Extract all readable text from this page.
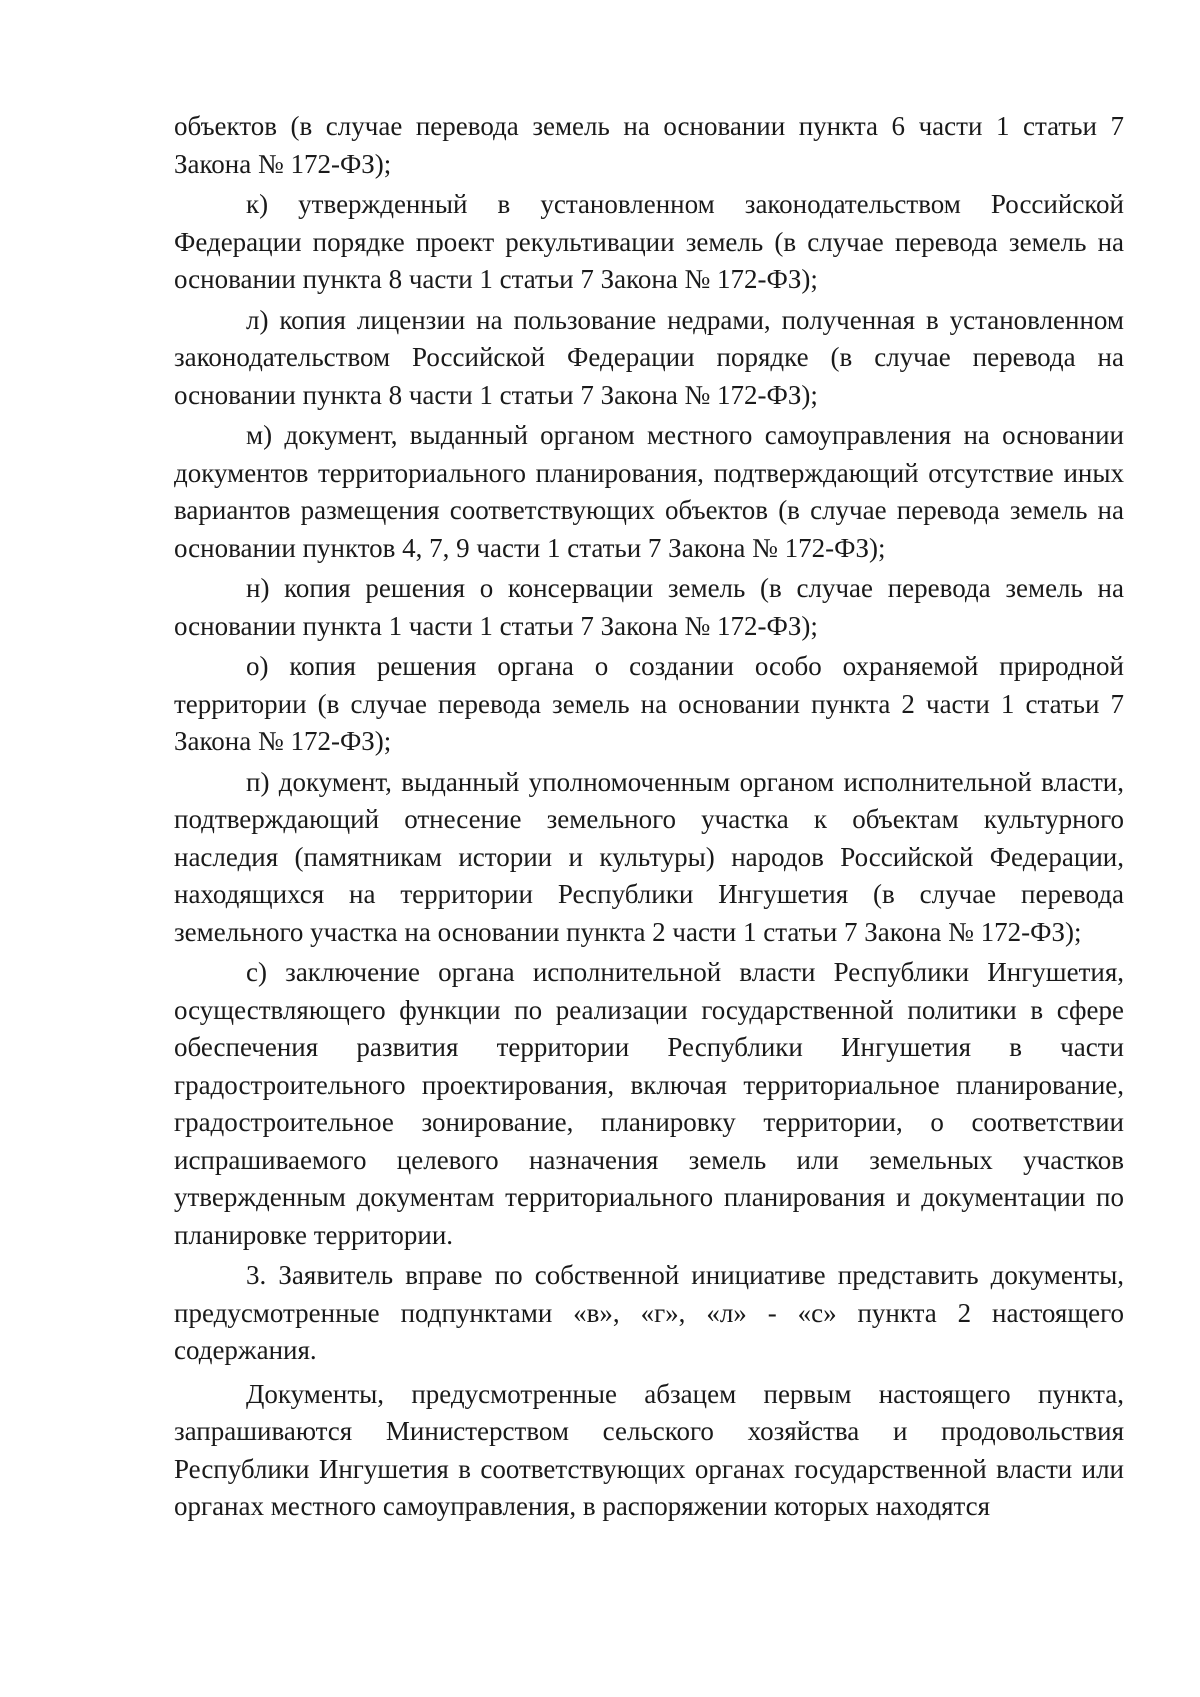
объектов (в случае перевода земель на основании пункта 6 части 1 статьи 7 Закона № 172-ФЗ);

к) утвержденный в установленном законодательством Российской Федерации порядке проект рекультивации земель (в случае перевода земель на основании пункта 8 части 1 статьи 7 Закона № 172-ФЗ);

л) копия лицензии на пользование недрами, полученная в установленном законодательством Российской Федерации порядке (в случае перевода на основании пункта 8 части 1 статьи 7 Закона № 172-ФЗ);

м) документ, выданный органом местного самоуправления на основании документов территориального планирования, подтверждающий отсутствие иных вариантов размещения соответствующих объектов (в случае перевода земель на основании пунктов 4, 7, 9 части 1 статьи 7 Закона № 172-ФЗ);

н) копия решения о консервации земель (в случае перевода земель на основании пункта 1 части 1 статьи 7 Закона № 172-ФЗ);

о) копия решения органа о создании особо охраняемой природной территории (в случае перевода земель на основании пункта 2 части 1 статьи 7 Закона № 172-ФЗ);

п) документ, выданный уполномоченным органом исполнительной власти, подтверждающий отнесение земельного участка к объектам культурного наследия (памятникам истории и культуры) народов Российской Федерации, находящихся на территории Республики Ингушетия (в случае перевода земельного участка на основании пункта 2 части 1 статьи 7 Закона № 172-ФЗ);

с) заключение органа исполнительной власти Республики Ингушетия, осуществляющего функции по реализации государственной политики в сфере обеспечения развития территории Республики Ингушетия в части градостроительного проектирования, включая территориальное планирование, градостроительное зонирование, планировку территории, о соответствии испрашиваемого целевого назначения земель или земельных участков утвержденным документам территориального планирования и документации по планировке территории.

3. Заявитель вправе по собственной инициативе представить документы, предусмотренные подпунктами «в», «г», «л» - «с» пункта 2 настоящего содержания.

Документы, предусмотренные абзацем первым настоящего пункта, запрашиваются Министерством сельского хозяйства и продовольствия Республики Ингушетия в соответствующих органах государственной власти или органах местного самоуправления, в распоряжении которых находятся
